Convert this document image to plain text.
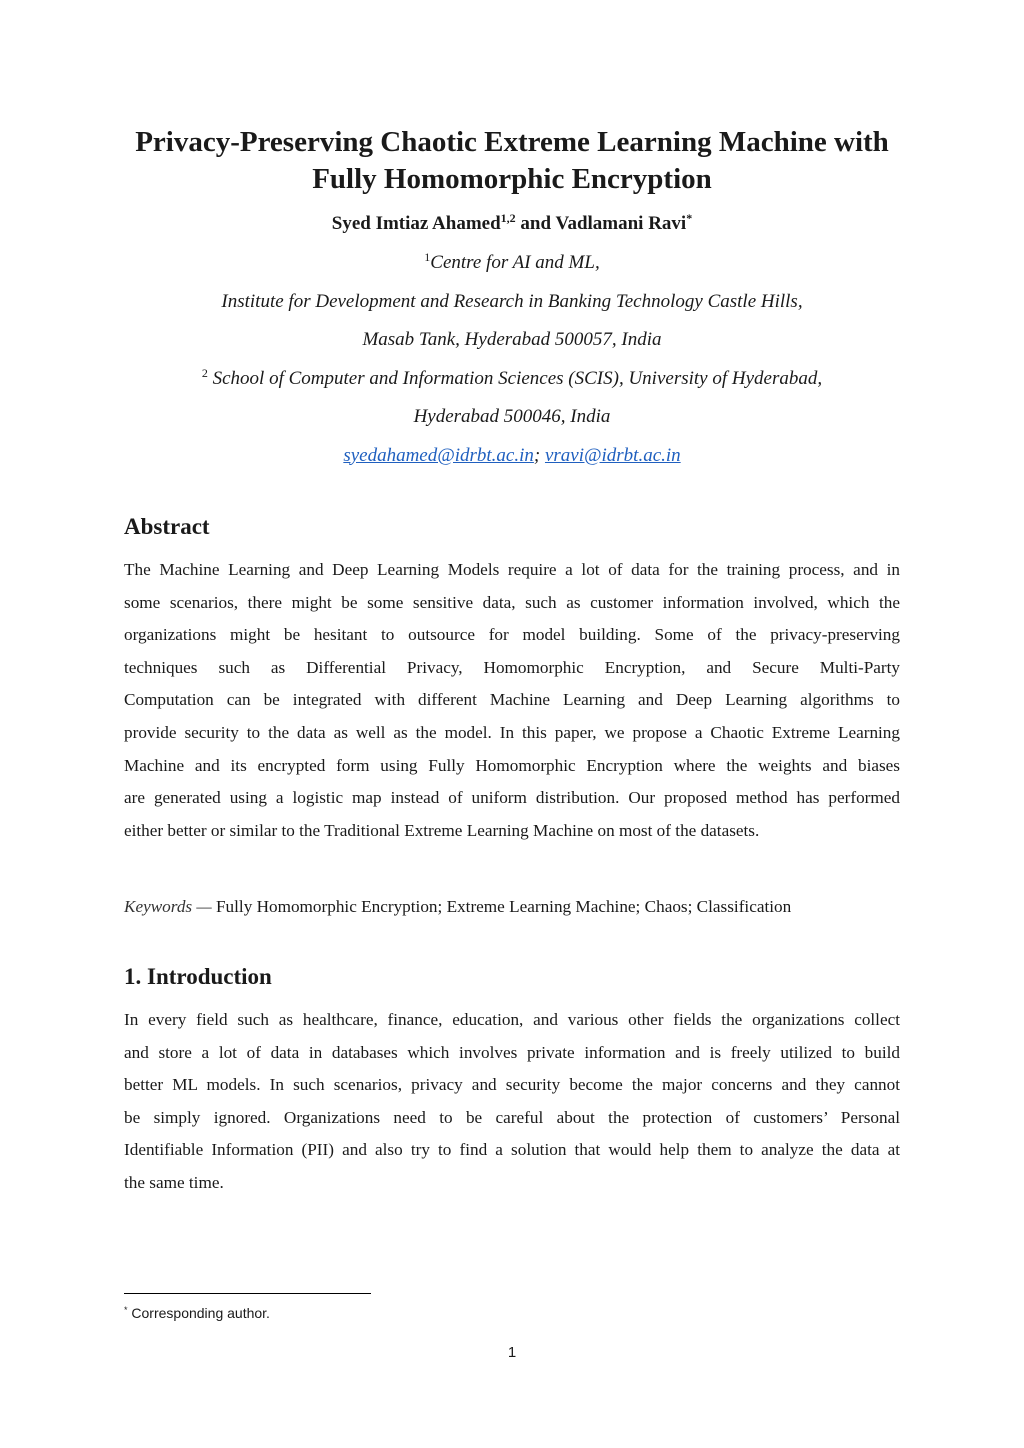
Privacy-Preserving Chaotic Extreme Learning Machine with
Fully Homomorphic Encryption
Syed Imtiaz Ahamed$^{1,2}$ and Vadlamani Ravi*
$^1$Centre for AI and ML,
Institute for Development and Research in Banking Technology Castle Hills,
Masab Tank, Hyderabad 500057, India
$^2$ School of Computer and Information Sciences (SCIS), University of Hyderabad,
Hyderabad 500046, India
syedahamed@idrbt.ac.in; vravi@idrbt.ac.in
Abstract
The Machine Learning and Deep Learning Models require a lot of data for the training process, and in
some scenarios, there might be some sensitive data, such as customer information involved, which the
organizations might be hesitant to outsource for model building. Some of the privacy-preserving
techniques such as Differential Privacy, Homomorphic Encryption, and Secure Multi-Party
Computation can be integrated with different Machine Learning and Deep Learning algorithms to
provide security to the data as well as the model. In this paper, we propose a Chaotic Extreme Learning
Machine and its encrypted form using Fully Homomorphic Encryption where the weights and biases
are generated using a logistic map instead of uniform distribution. Our proposed method has performed
either better or similar to the Traditional Extreme Learning Machine on most of the datasets.
Keywords — Fully Homomorphic Encryption; Extreme Learning Machine; Chaos; Classification
1. Introduction
In every field such as healthcare, finance, education, and various other fields the organizations collect
and store a lot of data in databases which involves private information and is freely utilized to build
better ML models. In such scenarios, privacy and security become the major concerns and they cannot
be simply ignored. Organizations need to be careful about the protection of customers’ Personal
Identifiable Information (PII) and also try to find a solution that would help them to analyze the data at
the same time.
* Corresponding author.
1
